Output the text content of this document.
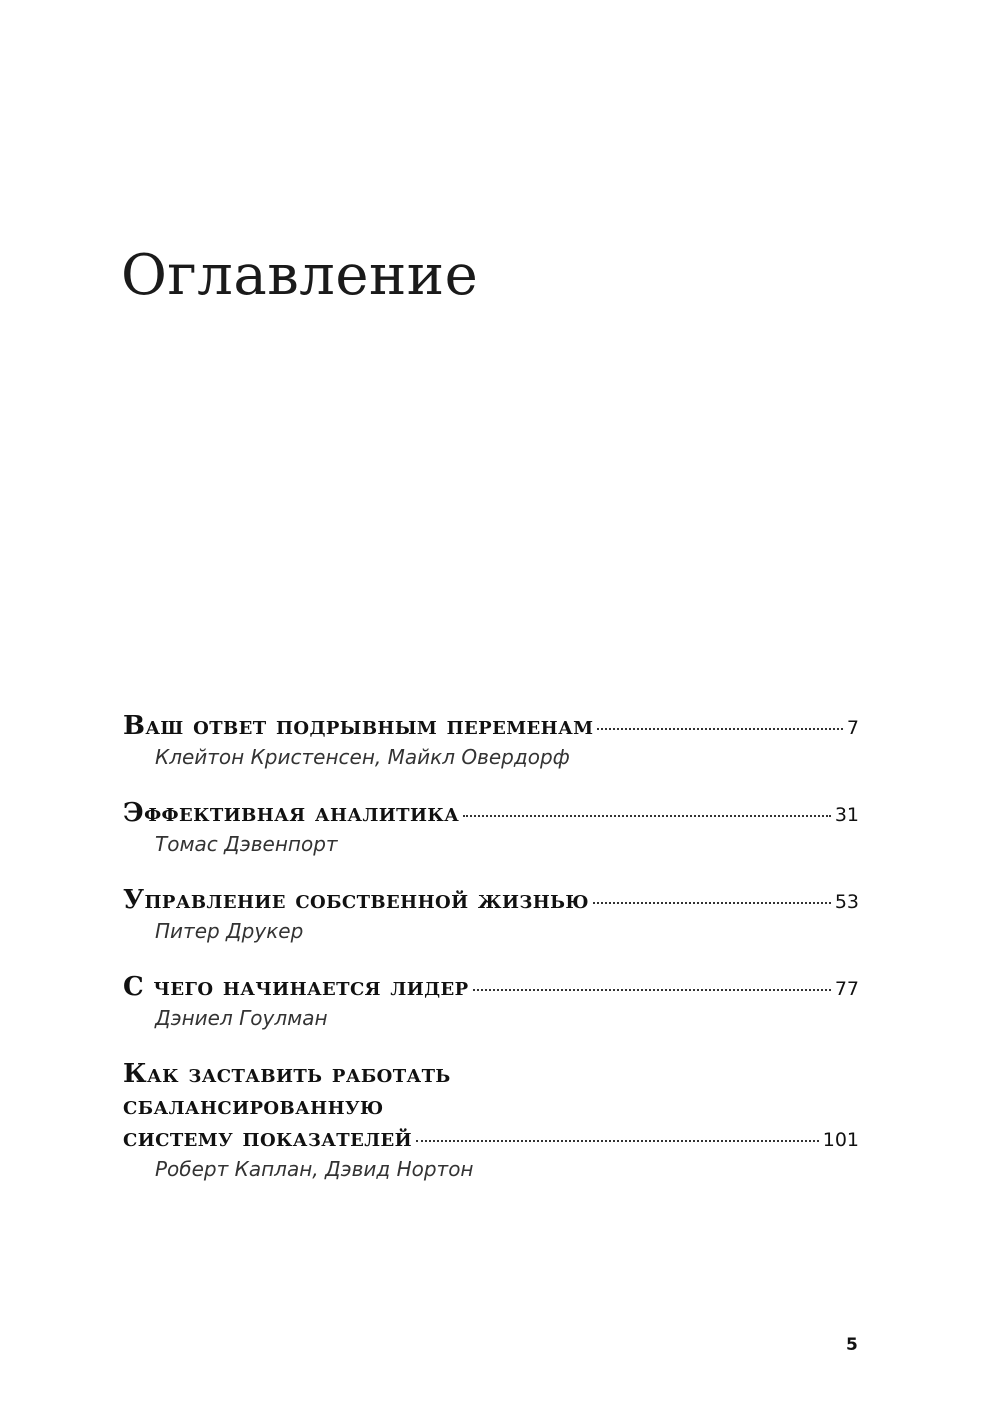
Оглавление
Ваш ответ подрывным переменам	7
Клейтон Кристенсен, Майкл Овердорф
Эффективная аналитика	31
Томас Дэвенпорт
Управление собственной жизнью	53
Питер Друкер
С чего начинается лидер	77
Дэниел Гоулман
Как заставить работать
сбалансированную
систему показателей	101
Роберт Каплан, Дэвид Нортон
5
